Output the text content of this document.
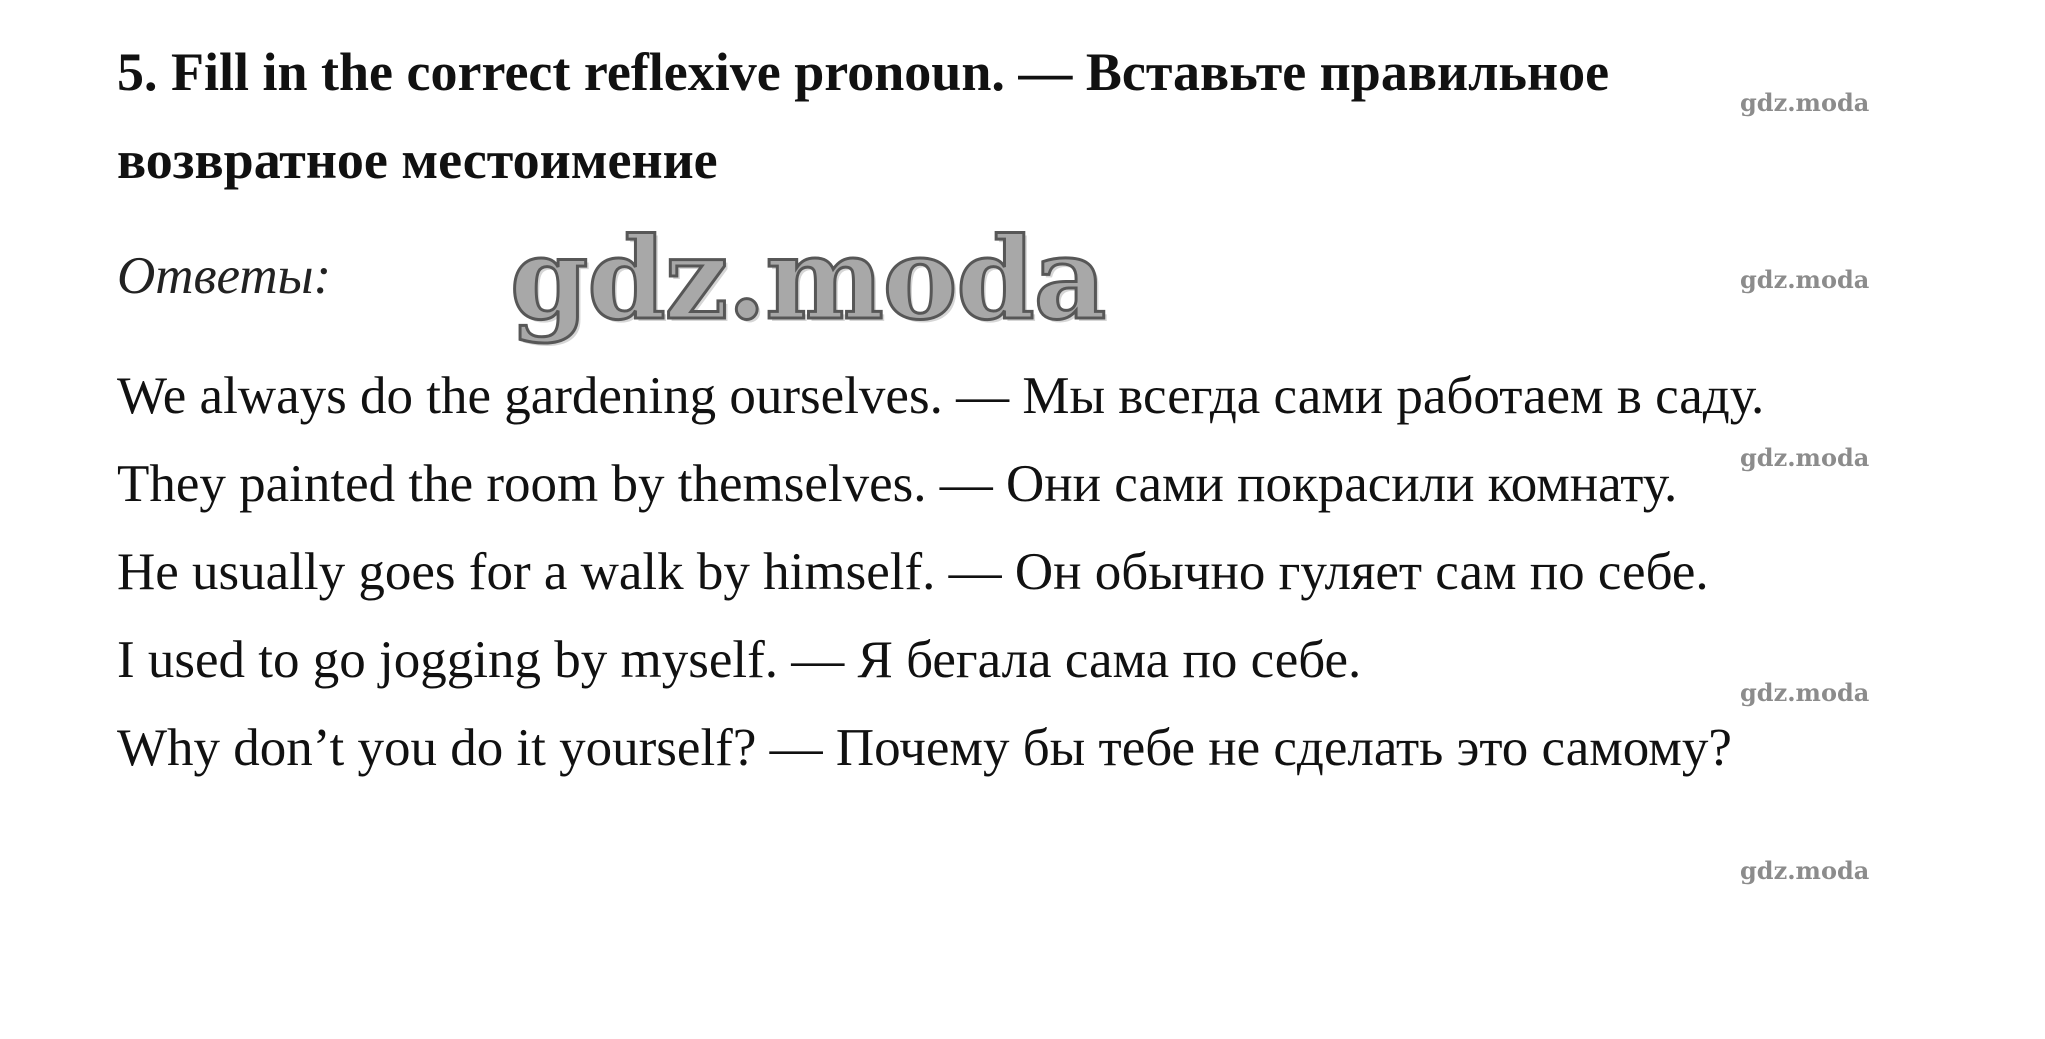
5. Fill in the correct reflexive pronoun. — Вставьте правильное возвратное местоимение

Ответы: gdz.moda
We always do the gardening ourselves. — Мы всегда сами работаем в саду.
They painted the room by themselves. — Они сами покрасили комнату.
He usually goes for a walk by himself. — Он обычно гуляет сам по себе.
I used to go jogging by myself. — Я бегала сама по себе.
Why don’t you do it yourself? — Почему бы тебе не сделать это самому?
gdz.moda
gdz.moda
gdz.moda
gdz.moda
gdz.moda
